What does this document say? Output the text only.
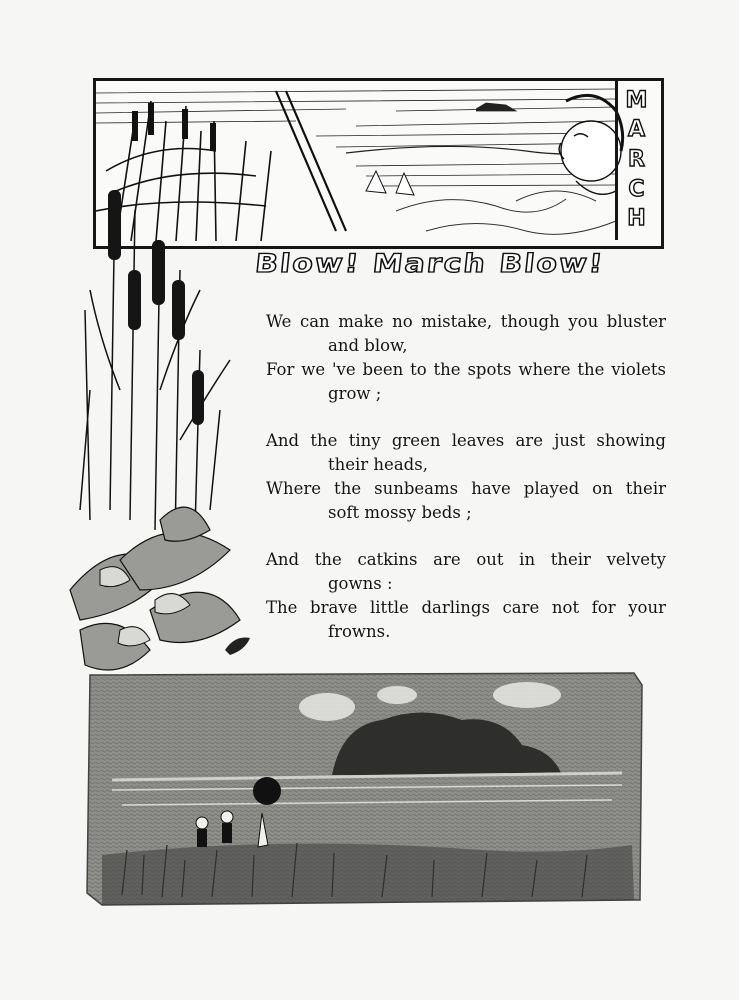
M
A
R
C
H
Blow! March Blow!
We can make no mistake, though you bluster
and blow,
For we 've been to the spots where the violets
grow ;
And the tiny green leaves are just showing
their heads,
Where the sunbeams have played on their
soft mossy beds ;
And the catkins are out in their velvety
gowns :
The brave little darlings care not for your
frowns.
